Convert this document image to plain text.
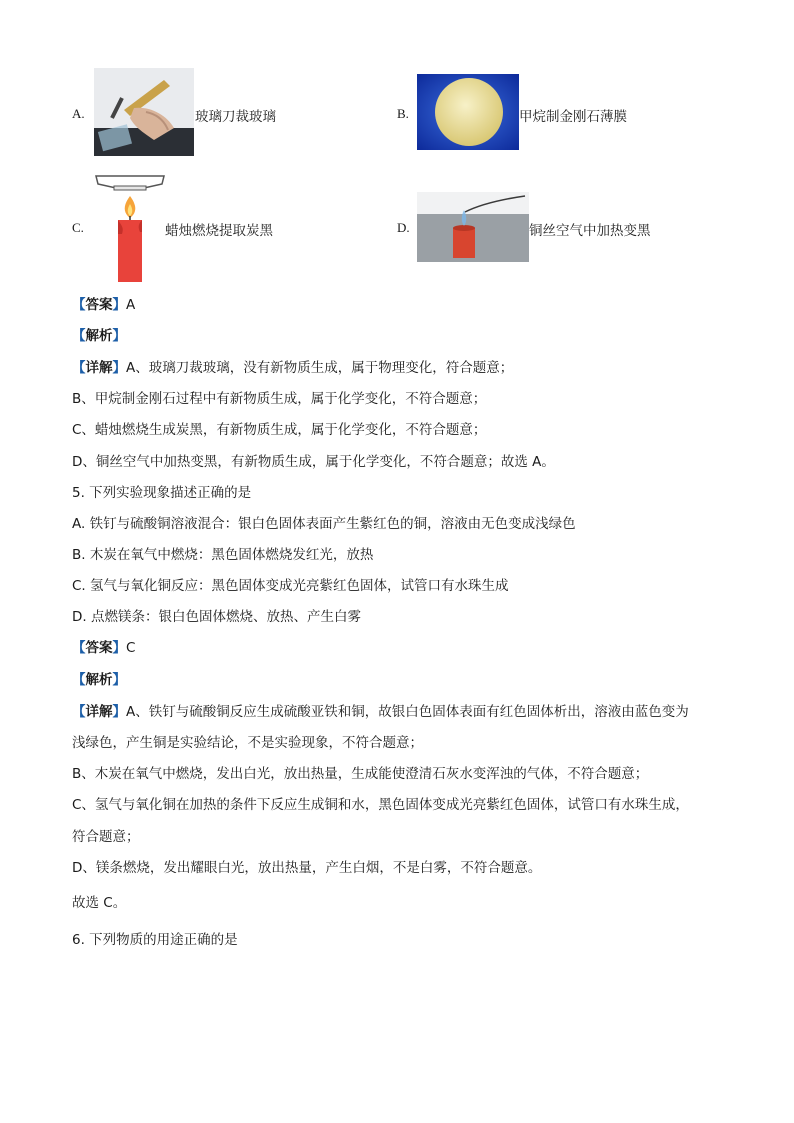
A.	玻璃刀裁玻璃	B.	甲烷制金刚石薄膜
C.	蜡烛燃烧提取炭黑	D.	铜丝空气中加热变黑
【答案】A
【解析】
【详解】A、玻璃刀裁玻璃，没有新物质生成，属于物理变化，符合题意；
B、甲烷制金刚石过程中有新物质生成，属于化学变化，不符合题意；
C、蜡烛燃烧生成炭黑，有新物质生成，属于化学变化，不符合题意；
D、铜丝空气中加热变黑，有新物质生成，属于化学变化，不符合题意；故选 A。
5. 下列实验现象描述正确的是
A. 铁钉与硫酸铜溶液混合：银白色固体表面产生紫红色的铜，溶液由无色变成浅绿色
B. 木炭在氧气中燃烧：黑色固体燃烧发红光，放热
C. 氢气与氧化铜反应：黑色固体变成光亮紫红色固体，试管口有水珠生成
D. 点燃镁条：银白色固体燃烧、放热、产生白雾
【答案】C
【解析】
【详解】A、铁钉与硫酸铜反应生成硫酸亚铁和铜，故银白色固体表面有红色固体析出，溶液由蓝色变为
浅绿色，产生铜是实验结论，不是实验现象，不符合题意；
B、木炭在氧气中燃烧，发出白光，放出热量，生成能使澄清石灰水变浑浊的气体，不符合题意；
C、氢气与氧化铜在加热的条件下反应生成铜和水，黑色固体变成光亮紫红色固体，试管口有水珠生成，
符合题意；
D、镁条燃烧，发出耀眼白光，放出热量，产生白烟，不是白雾，不符合题意。
故选 C。
6. 下列物质的用途正确的是
